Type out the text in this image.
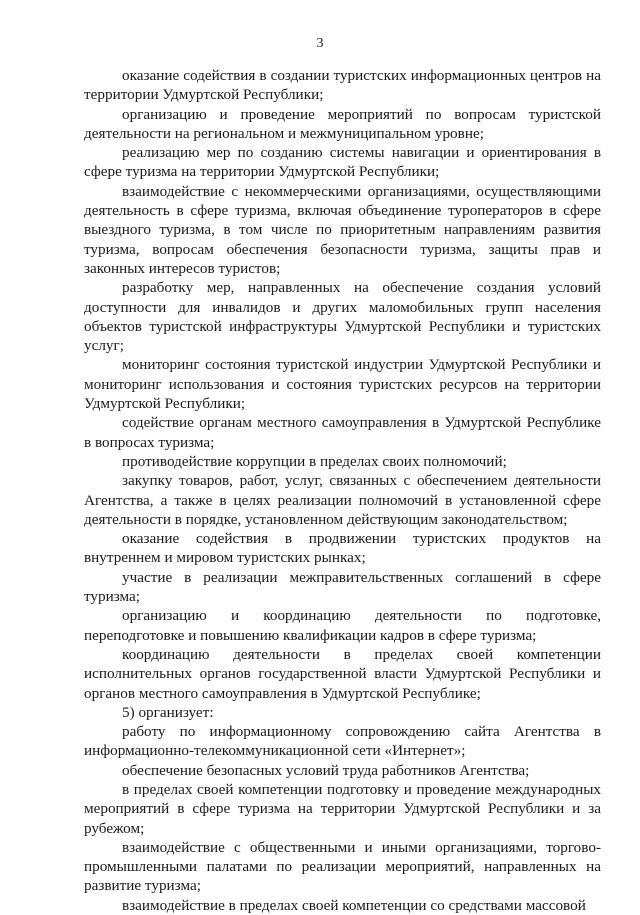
3

оказание содействия в создании туристских информационных центров на территории Удмуртской Республики;

организацию и проведение мероприятий по вопросам туристской деятельности на региональном и межмуниципальном уровне;

реализацию мер по созданию системы навигации и ориентирования в сфере туризма на территории Удмуртской Республики;

взаимодействие с некоммерческими организациями, осуществляющими деятельность в сфере туризма, включая объединение туроператоров в сфере выездного туризма, в том числе по приоритетным направлениям развития туризма, вопросам обеспечения безопасности туризма, защиты прав и законных интересов туристов;

разработку мер, направленных на обеспечение создания условий доступности для инвалидов и других маломобильных групп населения объектов туристской инфраструктуры Удмуртской Республики и туристских услуг;

мониторинг состояния туристской индустрии Удмуртской Республики и мониторинг использования и состояния туристских ресурсов на территории Удмуртской Республики;

содействие органам местного самоуправления в Удмуртской Республике в вопросах туризма;

противодействие коррупции в пределах своих полномочий;

закупку товаров, работ, услуг, связанных с обеспечением деятельности Агентства, а также в целях реализации полномочий в установленной сфере деятельности в порядке, установленном действующим законодательством;

оказание содействия в продвижении туристских продуктов на внутреннем и мировом туристских рынках;

участие в реализации межправительственных соглашений в сфере туризма;

организацию и координацию деятельности по подготовке, переподготовке и повышению квалификации кадров в сфере туризма;

координацию деятельности в пределах своей компетенции исполнительных органов государственной власти Удмуртской Республики и органов местного самоуправления в Удмуртской Республике;

5) организует:

работу по информационному сопровождению сайта Агентства в информационно-телекоммуникационной сети «Интернет»;

обеспечение безопасных условий труда работников Агентства;

в пределах своей компетенции подготовку и проведение международных мероприятий в сфере туризма на территории Удмуртской Республики и за рубежом;

взаимодействие с общественными и иными организациями, торгово-промышленными палатами по реализации мероприятий, направленных на развитие туризма;

взаимодействие в пределах своей компетенции со средствами массовой
